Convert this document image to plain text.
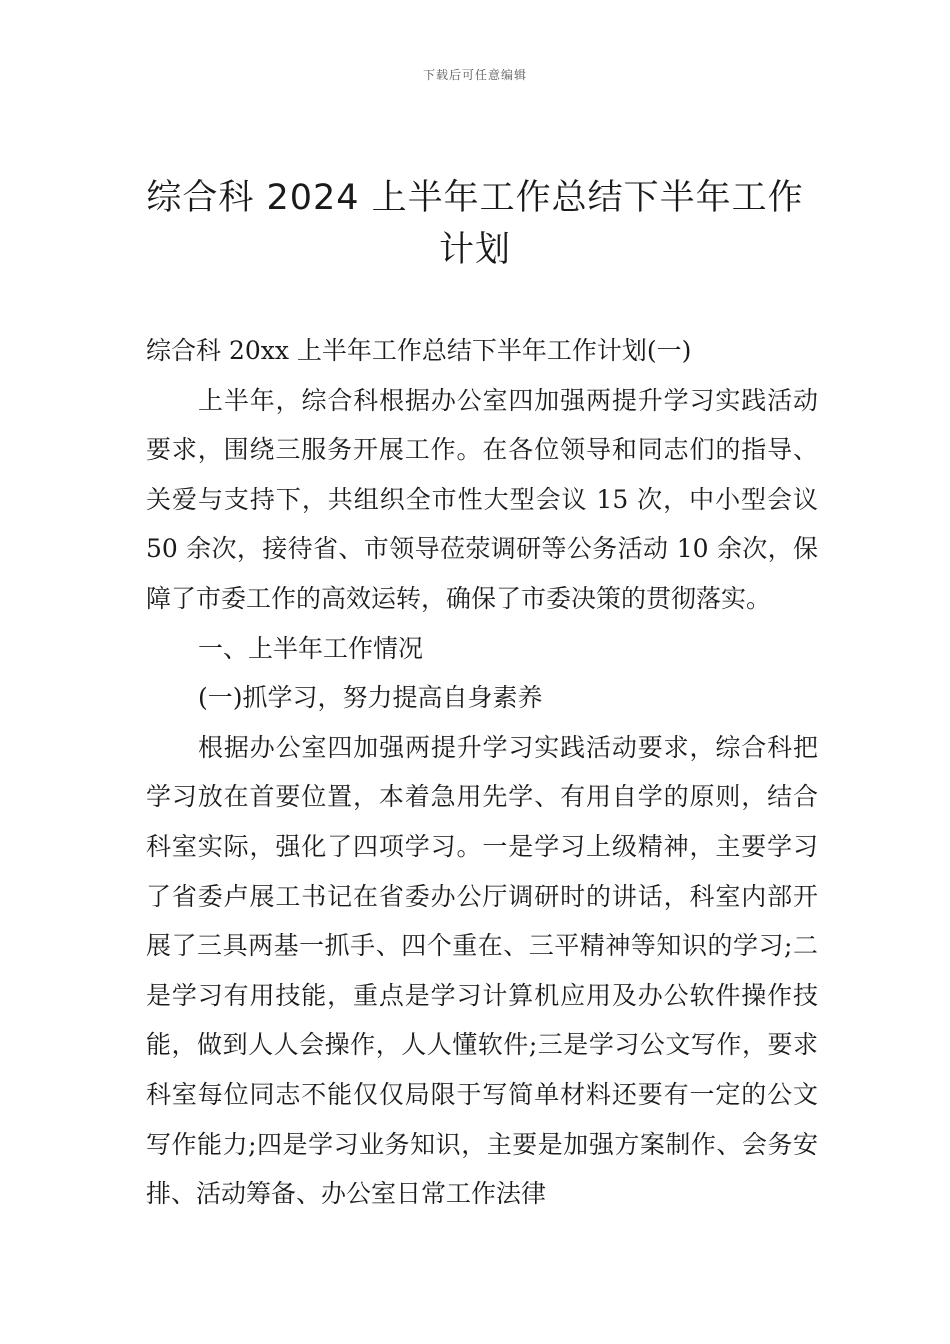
下载后可任意编辑
综合科 2024 上半年工作总结下半年工作计划

综合科 20xx 上半年工作总结下半年工作计划(一)

上半年，综合科根据办公室四加强两提升学习实践活动要求，围绕三服务开展工作。在各位领导和同志们的指导、关爱与支持下，共组织全市性大型会议 15 次，中小型会议 50 余次，接待省、市领导莅荥调研等公务活动 10 余次，保障了市委工作的高效运转，确保了市委决策的贯彻落实。

一、上半年工作情况

(一)抓学习，努力提高自身素养

根据办公室四加强两提升学习实践活动要求，综合科把学习放在首要位置，本着急用先学、有用自学的原则，结合科室实际，强化了四项学习。一是学习上级精神，主要学习了省委卢展工书记在省委办公厅调研时的讲话，科室内部开展了三具两基一抓手、四个重在、三平精神等知识的学习;二是学习有用技能，重点是学习计算机应用及办公软件操作技能，做到人人会操作，人人懂软件;三是学习公文写作，要求科室每位同志不能仅仅局限于写简单材料还要有一定的公文写作能力;四是学习业务知识，主要是加强方案制作、会务安排、活动筹备、办公室日常工作法律
